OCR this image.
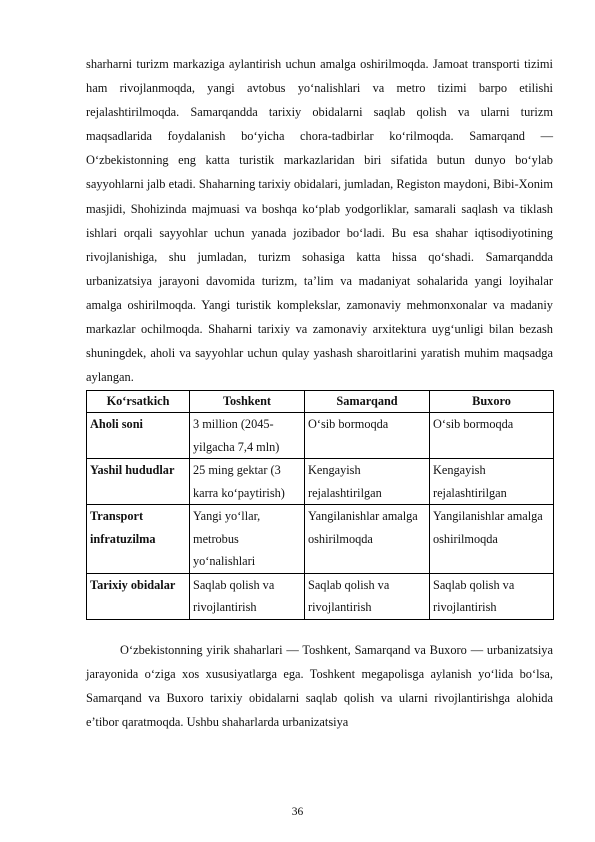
sharharni turizm markaziga aylantirish uchun amalga oshirilmoqda. Jamoat transporti tizimi ham rivojlanmoqda, yangi avtobus yo‘nalishlari va metro tizimi barpo etilishi rejalashtirilmoqda. Samarqandda tarixiy obidalarni saqlab qolish va ularni turizm maqsadlarida foydalanish bo‘yicha chora-tadbirlar ko‘rilmoqda. Samarqand — O‘zbekistonning eng katta turistik markazlaridan biri sifatida butun dunyo bo‘ylab sayyohlarni jalb etadi. Shaharning tarixiy obidalari, jumladan, Registon maydoni, Bibi-Xonim masjidi, Shohizinda majmuasi va boshqa ko‘plab yodgorliklar, samarali saqlash va tiklash ishlari orqali sayyohlar uchun yanada jozibador bo‘ladi. Bu esa shahar iqtisodiyotining rivojlanishiga, shu jumladan, turizm sohasiga katta hissa qo‘shadi. Samarqandda urbanizatsiya jarayoni davomida turizm, ta’lim va madaniyat sohalarida yangi loyihalar amalga oshirilmoqda. Yangi turistik komplekslar, zamonaviy mehmonxonalar va madaniy markazlar ochilmoqda. Shaharni tarixiy va zamonaviy arxitektura uyg‘unligi bilan bezash shuningdek, aholi va sayyohlar uchun qulay yashash sharoitlarini yaratish muhim maqsadga aylangan.

Ko‘rsatkich	Toshkent	Samarqand	Buxoro
Aholi soni	3 million (2045-yilgacha 7,4 mln)	O‘sib bormoqda	O‘sib bormoqda
Yashil hududlar	25 ming gektar (3 karra ko‘paytirish)	Kengayish rejalashtirilgan	Kengayish rejalashtirilgan
Transport infratuzilma	Yangi yo‘llar, metrobus yo‘nalishlari	Yangilanishlar amalga oshirilmoqda	Yangilanishlar amalga oshirilmoqda
Tarixiy obidalar	Saqlab qolish va rivojlantirish	Saqlab qolish va rivojlantirish	Saqlab qolish va rivojlantirish

O‘zbekistonning yirik shaharlari — Toshkent, Samarqand va Buxoro — urbanizatsiya jarayonida o‘ziga xos xususiyatlarga ega. Toshkent megapolisga aylanish yo‘lida bo‘lsa, Samarqand va Buxoro tarixiy obidalarni saqlab qolish va ularni rivojlantirishga alohida e’tibor qaratmoqda. Ushbu shaharlarda urbanizatsiya

36
